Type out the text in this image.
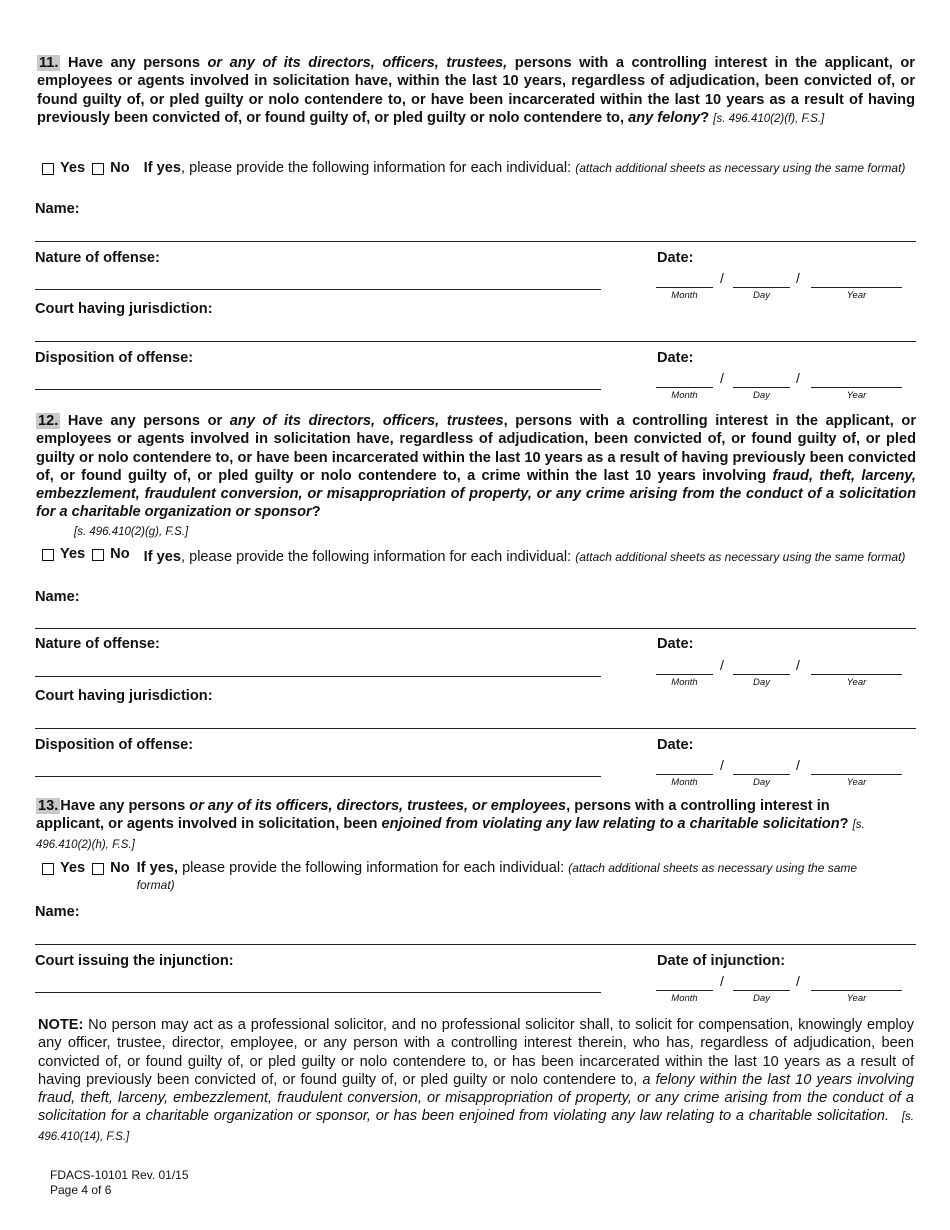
11. Have any persons or any of its directors, officers, trustees, persons with a controlling interest in the applicant, or employees or agents involved in solicitation have, within the last 10 years, regardless of adjudication, been convicted of, or found guilty of, or pled guilty or nolo contendere to, or have been incarcerated within the last 10 years as a result of having previously been convicted of, or found guilty of, or pled guilty or nolo contendere to, any felony? [s. 496.410(2)(f), F.S.]
Yes No If yes, please provide the following information for each individual: (attach additional sheets as necessary using the same format)
Name:
Nature of offense:	Date:
/	/
Month	Day	Year
Court having jurisdiction:
Disposition of offense:	Date:
/	/
Month	Day	Year
12. Have any persons or any of its directors, officers, trustees, persons with a controlling interest in the applicant, or employees or agents involved in solicitation have, regardless of adjudication, been convicted of, or found guilty of, or pled guilty or nolo contendere to, or have been incarcerated within the last 10 years as a result of having previously been convicted of, or found guilty of, or pled guilty or nolo contendere to, a crime within the last 10 years involving fraud, theft, larceny, embezzlement, fraudulent conversion, or misappropriation of property, or any crime arising from the conduct of a solicitation for a charitable organization or sponsor?
[s. 496.410(2)(g), F.S.]
Yes No If yes, please provide the following information for each individual: (attach additional sheets as necessary using the same format)
Name:
Nature of offense:	Date:
/	/
Month	Day	Year
Court having jurisdiction:
Disposition of offense:	Date:
/	/
Month	Day	Year
13. Have any persons or any of its officers, directors, trustees, or employees, persons with a controlling interest in applicant, or agents involved in solicitation, been enjoined from violating any law relating to a charitable solicitation? [s. 496.410(2)(h), F.S.]
Yes No If yes, please provide the following information for each individual: (attach additional sheets as necessary using the same format)
Name:
Court issuing the injunction:	Date of injunction:
/	/
Month	Day	Year
NOTE: No person may act as a professional solicitor, and no professional solicitor shall, to solicit for compensation, knowingly employ any officer, trustee, director, employee, or any person with a controlling interest therein, who has, regardless of adjudication, been convicted of, or found guilty of, or pled guilty or nolo contendere to, or has been incarcerated within the last 10 years as a result of having previously been convicted of, or found guilty of, or pled guilty or nolo contendere to, a felony within the last 10 years involving fraud, theft, larceny, embezzlement, fraudulent conversion, or misappropriation of property, or any crime arising from the conduct of a solicitation for a charitable organization or sponsor, or has been enjoined from violating any law relating to a charitable solicitation. [s. 496.410(14), F.S.]
FDACS-10101 Rev. 01/15
Page 4 of 6
